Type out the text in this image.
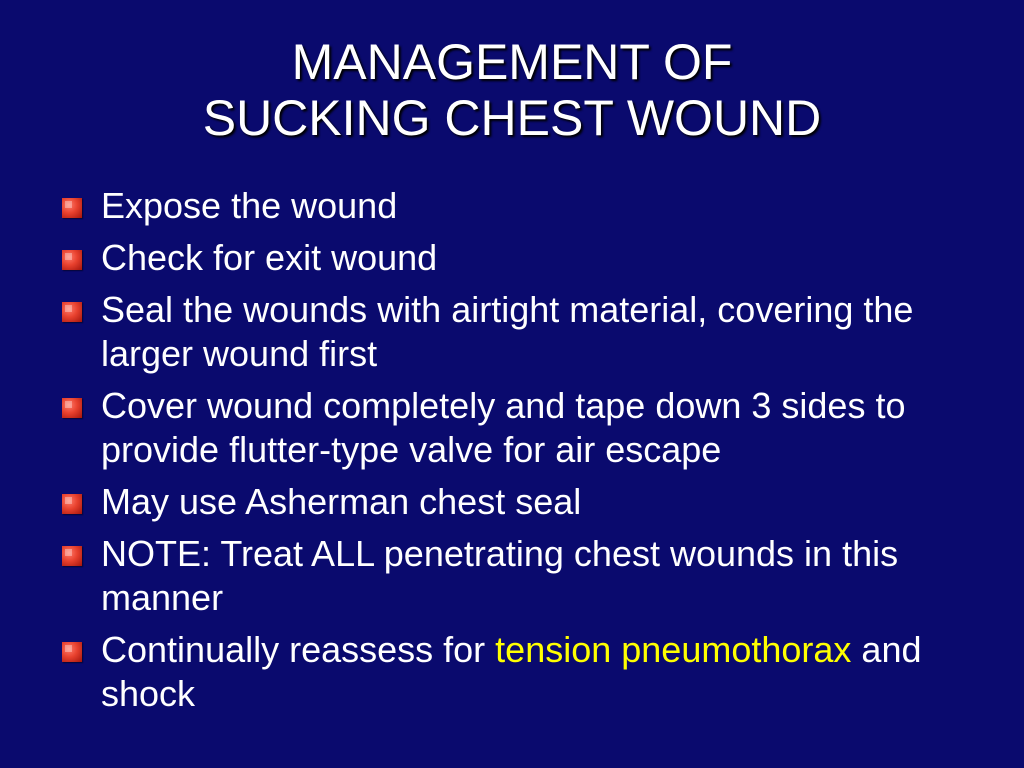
MANAGEMENT OF
SUCKING CHEST WOUND
Expose the wound
Check for exit wound
Seal the wounds with airtight material, covering the larger wound first
Cover wound completely and tape down 3 sides to provide flutter-type valve for air escape
May use Asherman chest seal
NOTE: Treat ALL penetrating chest wounds in this manner
Continually reassess for tension pneumothorax and shock
